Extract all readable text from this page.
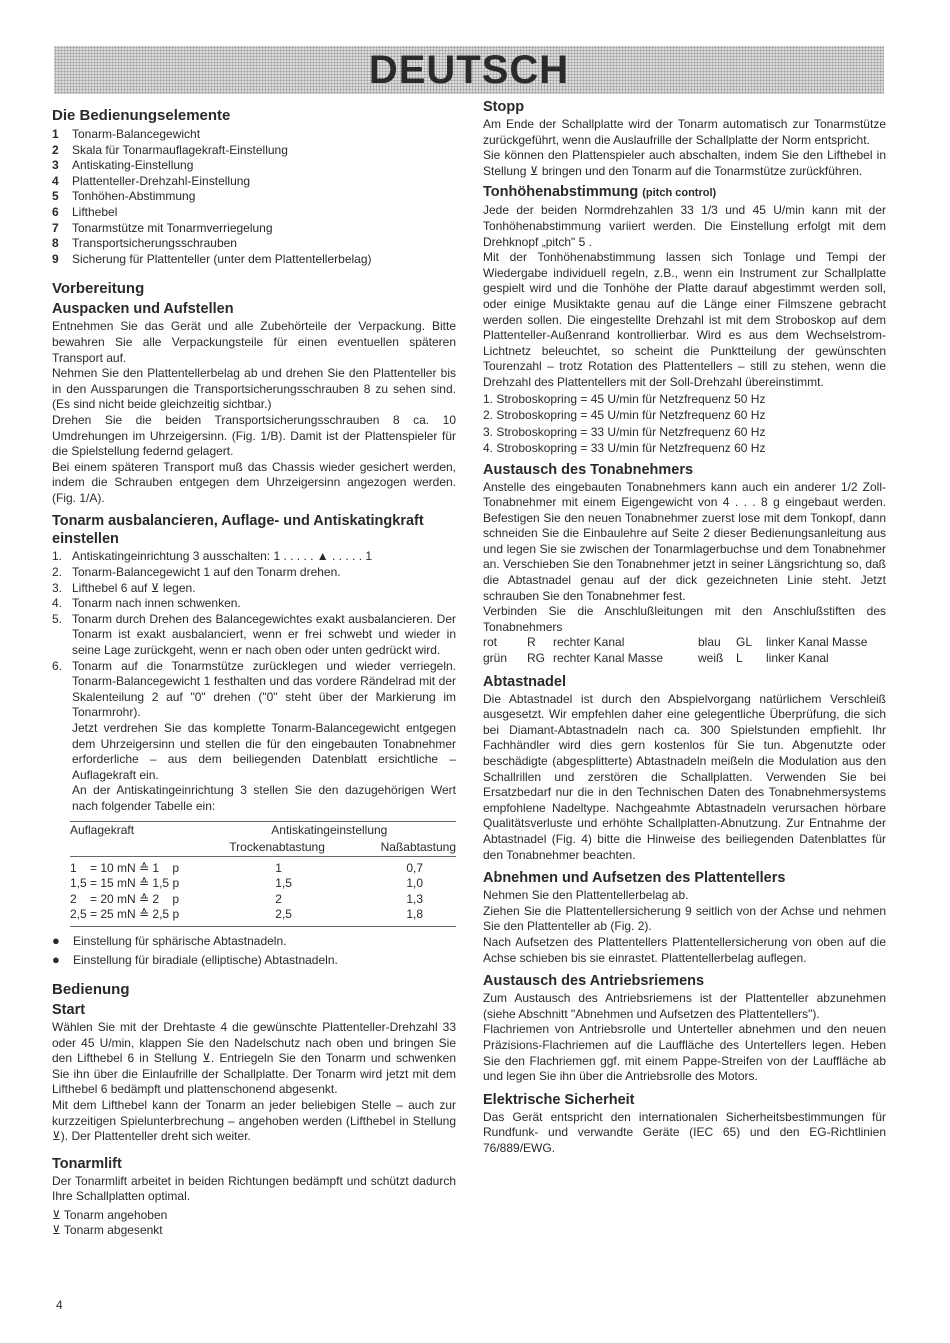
DEUTSCH
Die Bedienungselemente
1	Tonarm-Balancegewicht
2	Skala für Tonarmauflagekraft-Einstellung
3	Antiskating-Einstellung
4	Plattenteller-Drehzahl-Einstellung
5	Tonhöhen-Abstimmung
6	Lifthebel
7	Tonarmstütze mit Tonarmverriegelung
8	Transportsicherungsschrauben
9	Sicherung für Plattenteller (unter dem Plattentellerbelag)
Vorbereitung
Auspacken und Aufstellen

Entnehmen Sie das Gerät und alle Zubehörteile der Verpackung. Bitte bewahren Sie alle Verpackungsteile für einen eventuellen späteren Transport auf.

Nehmen Sie den Plattentellerbelag ab und drehen Sie den Plattenteller bis in den Aussparungen die Transportsicherungsschrauben 8 zu sehen sind. (Es sind nicht beide gleichzeitig sichtbar.)

Drehen Sie die beiden Transportsicherungsschrauben 8 ca. 10 Umdrehungen im Uhrzeigersinn. (Fig. 1/B). Damit ist der Plattenspieler für die Spielstellung federnd gelagert.

Bei einem späteren Transport muß das Chassis wieder gesichert werden, indem die Schrauben entgegen dem Uhrzeigersinn angezogen werden. (Fig. 1/A).

Tonarm ausbalancieren, Auflage- und Antiskatingkraft einstellen
1. Antiskatingeinrichtung 3 ausschalten: 1 . . . . . ▲ . . . . . 1
2. Tonarm-Balancegewicht 1 auf den Tonarm drehen.
3. Lifthebel 6 auf ⊻ legen.
4. Tonarm nach innen schwenken.
5. Tonarm durch Drehen des Balancegewichtes exakt ausbalancieren. Der Tonarm ist exakt ausbalanciert, wenn er frei schwebt und wieder in seine Lage zurückgeht, wenn er nach oben oder unten gedrückt wird.
6. Tonarm auf die Tonarmstütze zurücklegen und wieder verriegeln. Tonarm-Balancegewicht 1 festhalten und das vordere Rändelrad mit der Skalenteilung 2 auf "0" drehen ("0" steht über der Markierung im Tonarmrohr).
Jetzt verdrehen Sie das komplette Tonarm-Balancegewicht entgegen dem Uhrzeigersinn und stellen die für den eingebauten Tonabnehmer erforderliche – aus dem beiliegenden Datenblatt ersichtliche – Auflagekraft ein.
An der Antiskatingeinrichtung 3 stellen Sie den dazugehörigen Wert nach folgender Tabelle ein:
Auflagekraft	Antiskatingeinstellung	
	Trockenabtastung	Naßabtastung
1    = 10 mN ≙ 1    p	1	0,7
1,5 = 15 mN ≙ 1,5 p	1,5	1,0
2    = 20 mN ≙ 2    p	2	1,3
2,5 = 25 mN ≙ 2,5 p	2,5	1,8
●	Einstellung für sphärische Abtastnadeln.
●	Einstellung für biradiale (elliptische) Abtastnadeln.
Bedienung
Start

Wählen Sie mit der Drehtaste 4 die gewünschte Plattenteller-Drehzahl 33 oder 45 U/min, klappen Sie den Nadelschutz nach oben und bringen Sie den Lifthebel 6 in Stellung ⊻. Entriegeln Sie den Tonarm und schwenken Sie ihn über die Einlaufrille der Schallplatte. Der Tonarm wird jetzt mit dem Lifthebel 6 bedämpft und plattenschonend abgesenkt.

Mit dem Lifthebel kann der Tonarm an jeder beliebigen Stelle – auch zur kurzzeitigen Spielunterbrechung – angehoben werden (Lifthebel in Stellung ⊻). Der Plattenteller dreht sich weiter.

Tonarmlift

Der Tonarmlift arbeitet in beiden Richtungen bedämpft und schützt dadurch Ihre Schallplatten optimal.

⊻ Tonarm angehoben

⊻ Tonarm abgesenkt

Stopp

Am Ende der Schallplatte wird der Tonarm automatisch zur Tonarmstütze zurückgeführt, wenn die Auslaufrille der Schallplatte der Norm entspricht.

Sie können den Plattenspieler auch abschalten, indem Sie den Lifthebel in Stellung ⊻ bringen und den Tonarm auf die Tonarmstütze zurückführen.

Tonhöhenabstimmung (pitch control)

Jede der beiden Normdrehzahlen 33 1/3 und 45 U/min kann mit der Tonhöhenabstimmung variiert werden. Die Einstellung erfolgt mit dem Drehknopf „pitch" 5 .

Mit der Tonhöhenabstimmung lassen sich Tonlage und Tempi der Wiedergabe individuell regeln, z.B., wenn ein Instrument zur Schallplatte gespielt wird und die Tonhöhe der Platte darauf abgestimmt werden soll, oder einige Musiktakte genau auf die Länge einer Filmszene gebracht werden sollen. Die eingestellte Drehzahl ist mit dem Stroboskop auf dem Plattenteller-Außenrand kontrollierbar. Wird es aus dem Wechselstrom-Lichtnetz beleuchtet, so scheint die Punktteilung der gewünschten Tourenzahl – trotz Rotation des Plattentellers – still zu stehen, wenn die Drehzahl des Plattentellers mit der Soll-Drehzahl übereinstimmt.

1. Stroboskopring = 45 U/min für Netzfrequenz 50 Hz
2. Stroboskopring = 45 U/min für Netzfrequenz 60 Hz
3. Stroboskopring = 33 U/min für Netzfrequenz 60 Hz
4. Stroboskopring = 33 U/min für Netzfrequenz 60 Hz
Austausch des Tonabnehmers

Anstelle des eingebauten Tonabnehmers kann auch ein anderer 1/2 Zoll-Tonabnehmer mit einem Eigengewicht von 4 . . . 8 g eingebaut werden. Befestigen Sie den neuen Tonabnehmer zuerst lose mit dem Tonkopf, dann schneiden Sie die Einbaulehre auf Seite 2 dieser Bedienungsanleitung aus und legen Sie sie zwischen der Tonarmlagerbuchse und dem Tonabnehmer an. Verschieben Sie den Tonabnehmer jetzt in seiner Längsrichtung so, daß die Abtastnadel genau auf der dick gezeichneten Linie steht. Jetzt schrauben Sie den Tonabnehmer fest.

Verbinden Sie die Anschlußleitungen mit den Anschlußstiften des Tonabnehmers

rot	R	rechter Kanal	blau	GL	linker Kanal Masse
grün	RG	rechter Kanal Masse	weiß	L	linker Kanal
Abtastnadel

Die Abtastnadel ist durch den Abspielvorgang natürlichem Verschleiß ausgesetzt. Wir empfehlen daher eine gelegentliche Überprüfung, die sich bei Diamant-Abtastnadeln nach ca. 300 Spielstunden empfiehlt. Ihr Fachhändler wird dies gern kostenlos für Sie tun. Abgenutzte oder beschädigte (abgesplitterte) Abtastnadeln meißeln die Modulation aus den Schallrillen und zerstören die Schallplatten. Verwenden Sie bei Ersatzbedarf nur die in den Technischen Daten des Tonabnehmersystems empfohlene Nadeltype. Nachgeahmte Abtastnadeln verursachen hörbare Qualitätsverluste und erhöhte Schallplatten-Abnutzung. Zur Entnahme der Abtastnadel (Fig. 4) bitte die Hinweise des beiliegenden Datenblattes für den Tonabnehmer beachten.

Abnehmen und Aufsetzen des Plattentellers

Nehmen Sie den Plattentellerbelag ab.

Ziehen Sie die Plattentellersicherung 9 seitlich von der Achse und nehmen Sie den Plattenteller ab (Fig. 2).

Nach Aufsetzen des Plattentellers Plattentellersicherung von oben auf die Achse schieben bis sie einrastet. Plattentellerbelag auflegen.

Austausch des Antriebsriemens

Zum Austausch des Antriebsriemens ist der Plattenteller abzunehmen (siehe Abschnitt "Abnehmen und Aufsetzen des Plattentellers").

Flachriemen von Antriebsrolle und Unterteller abnehmen und den neuen Präzisions-Flachriemen auf die Lauffläche des Untertellers legen. Heben Sie den Flachriemen ggf. mit einem Pappe-Streifen von der Lauffläche ab und legen Sie ihn über die Antriebsrolle des Motors.

Elektrische Sicherheit

Das Gerät entspricht den internationalen Sicherheitsbestimmungen für Rundfunk- und verwandte Geräte (IEC 65) und den EG-Richtlinien 76/889/EWG.

4
